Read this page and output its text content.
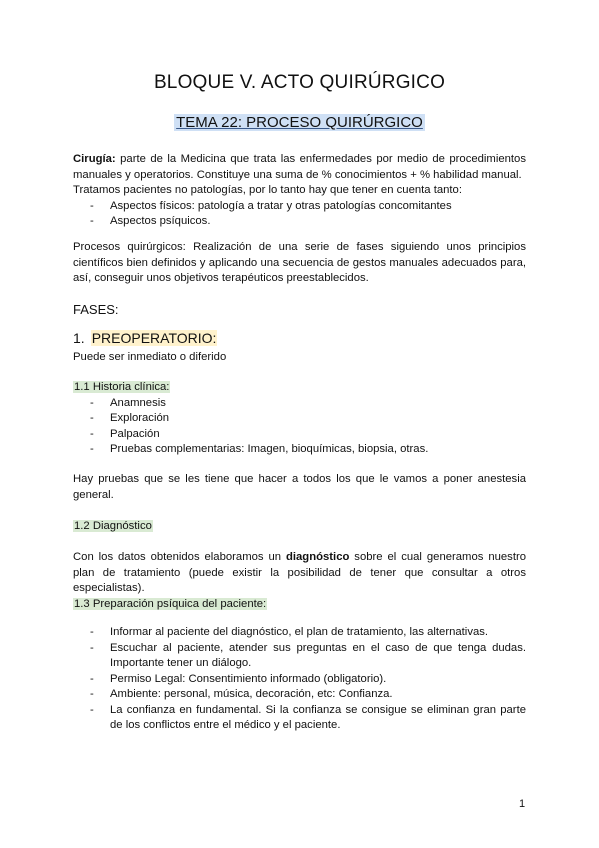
BLOQUE V. ACTO QUIRÚRGICO
TEMA 22: PROCESO QUIRÚRGICO

Cirugía: parte de la Medicina que trata las enfermedades por medio de procedimientos manuales y operatorios. Constituye una suma de % conocimientos + % habilidad manual.

Tratamos pacientes no patologías, por lo tanto hay que tener en cuenta tanto:

- Aspectos físicos: patología a tratar y otras patologías concomitantes
- Aspectos psíquicos.

Procesos quirúrgicos: Realización de una serie de fases siguiendo unos principios científicos bien definidos y aplicando una secuencia de gestos manuales adecuados para, así, conseguir unos objetivos terapéuticos preestablecidos.

FASES:
1. PREOPERATORIO:
Puede ser inmediato o diferido
1.1 Historia clínica:
- Anamnesis
- Exploración
- Palpación
- Pruebas complementarias: Imagen, bioquímicas, biopsia, otras.

Hay pruebas que se les tiene que hacer a todos los que le vamos a poner anestesia general.

1.2 Diagnóstico

Con los datos obtenidos elaboramos un diagnóstico sobre el cual generamos nuestro plan de tratamiento (puede existir la posibilidad de tener que consultar a otros especialistas).

1.3 Preparación psíquica del paciente:
- Informar al paciente del diagnóstico, el plan de tratamiento, las alternativas.
- Escuchar al paciente, atender sus preguntas en el caso de que tenga dudas. Importante tener un diálogo.
- Permiso Legal: Consentimiento informado (obligatorio).
- Ambiente: personal, música, decoración, etc: Confianza.
- La confianza en fundamental. Si la confianza se consigue se eliminan gran parte de los conflictos entre el médico y el paciente.
1
